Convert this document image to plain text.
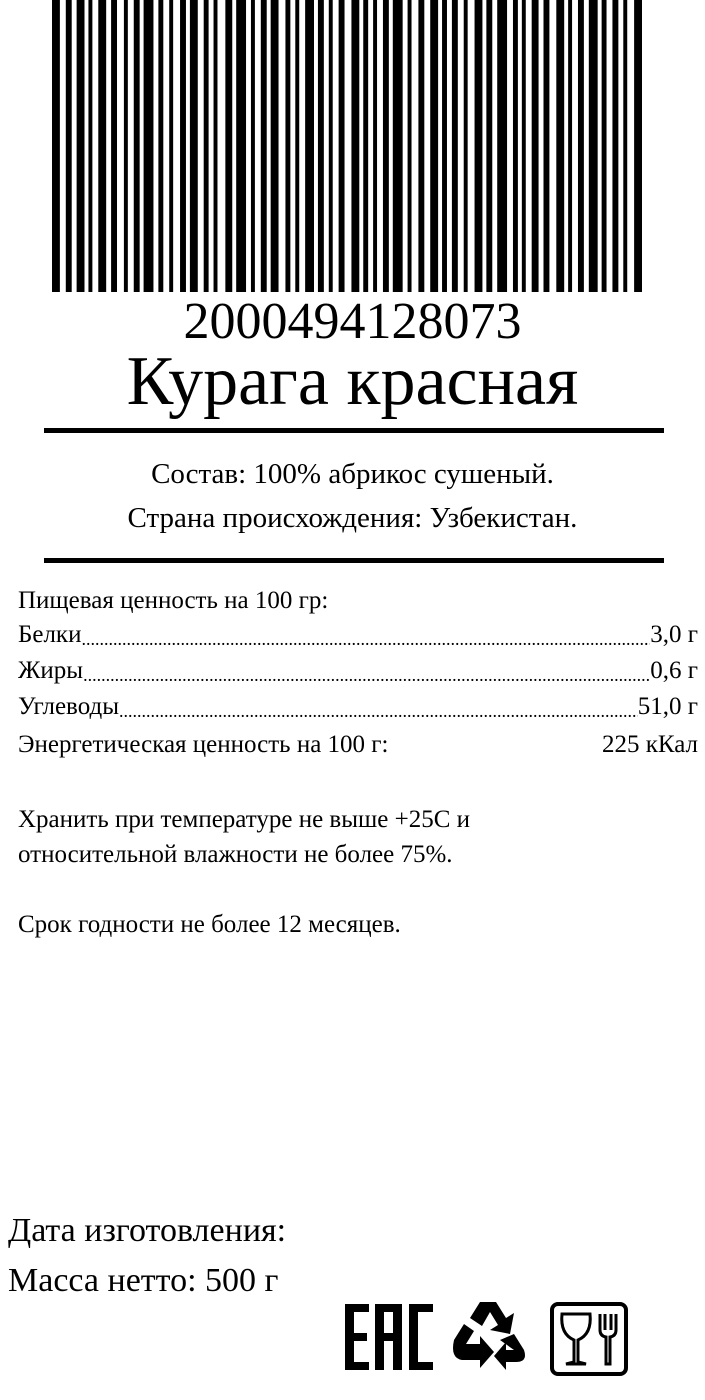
2000494128073
Курага красная
Состав: 100% абрикос сушеный.
Страна происхождения: Узбекистан.
Пищевая ценность на 100 гр:
Белки .....	3,0 г
Жиры .....	0,6 г
Углеводы .....	51,0 г
Энергетическая ценность на 100 г:	225 кКал
Хранить при температуре не выше +25С и
относительной влажности не более 75%.
Срок годности не более 12 месяцев.
Дата изготовления:
Масса нетто: 500 г
